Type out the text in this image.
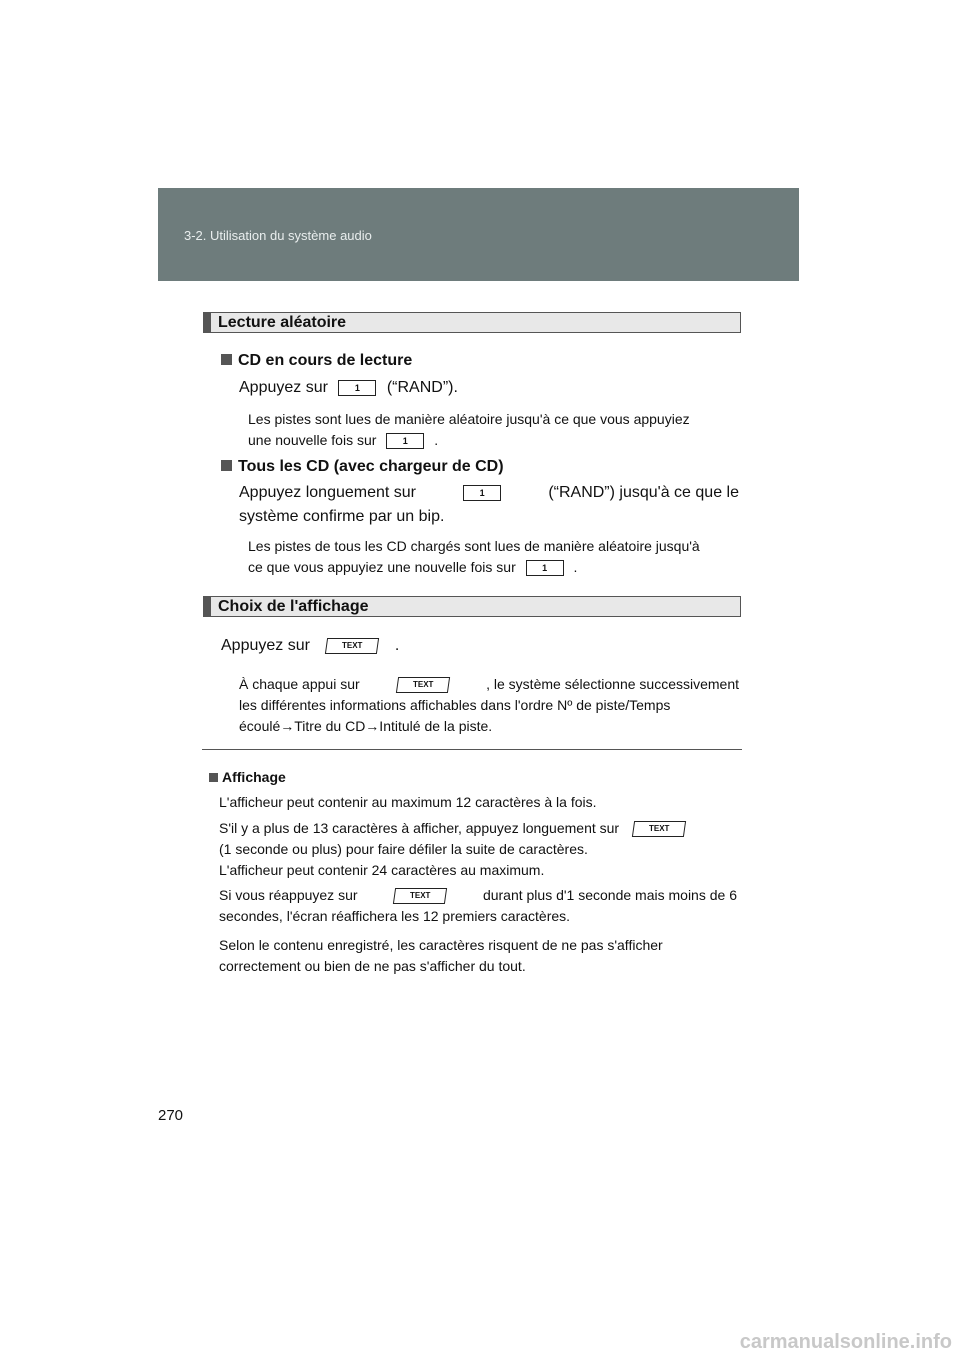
3-2. Utilisation du système audio
Lecture aléatoire
CD en cours de lecture
Appuyez sur	1 (“RAND”).
Les pistes sont lues de manière aléatoire jusqu'à ce que vous appuyiez
une nouvelle fois sur	1 .
Tous les CD (avec chargeur de CD)
Appuyez longuement sur	1	(“RAND”) jusqu'à ce que le
système confirme par un bip.
Les pistes de tous les CD chargés sont lues de manière aléatoire jusqu'à
ce que vous appuyiez une nouvelle fois sur	1 .
Choix de l'affichage
Appuyez sur	TEXT .
À chaque appui sur	TEXT	, le système sélectionne successivement
les différentes informations affichables dans l'ordre Nº de piste/Temps
écoulé→Titre du CD→Intitulé de la piste.
Affichage
L'afficheur peut contenir au maximum 12 caractères à la fois.
S'il y a plus de 13 caractères à afficher, appuyez longuement sur	TEXT
(1 seconde ou plus) pour faire défiler la suite de caractères.
L'afficheur peut contenir 24 caractères au maximum.
Si vous réappuyez sur	TEXT	durant plus d'1 seconde mais moins de 6
secondes, l'écran réafficherа les 12 premiers caractères.
Selon le contenu enregistré, les caractères risquent de ne pas s'afficher
correctement ou bien de ne pas s'afficher du tout.
270
carmanualsonline.info
